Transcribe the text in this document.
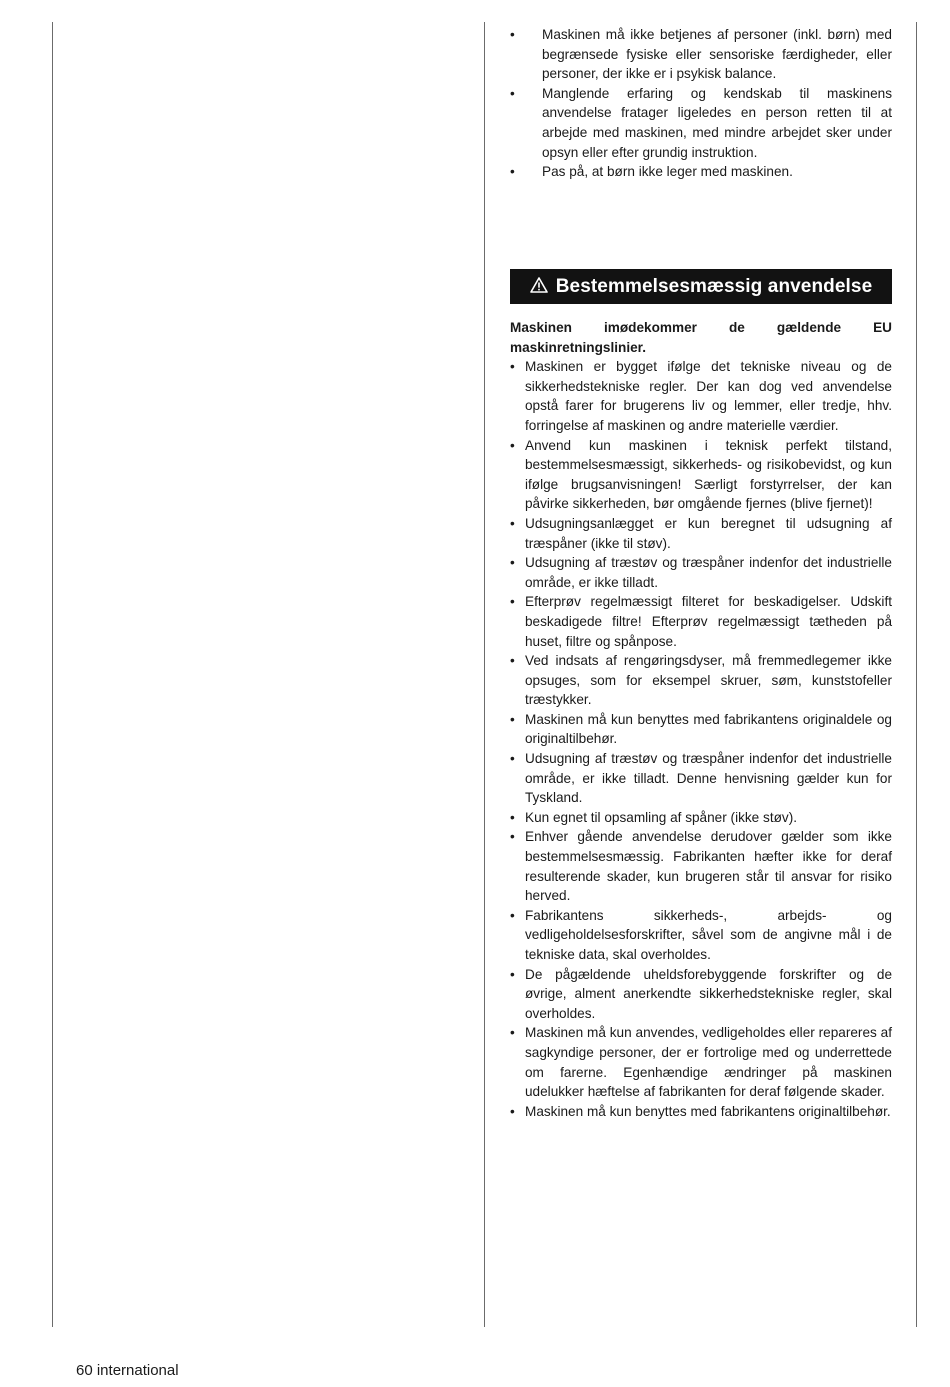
• Maskinen må ikke betjenes af personer (inkl. børn) med begrænsede fysiske eller sensoriske færdigheder, eller personer, der ikke er i psykisk balance.
• Manglende erfaring og kendskab til maskinens anvendelse fratager ligeledes en person retten til at arbejde med maskinen, med mindre arbejdet sker under opsyn eller efter grundig instruktion.
• Pas på, at børn ikke leger med maskinen.
Bestemmelsesmæssig anvendelse

Maskinen imødekommer de gældende EU maskinretningslinier.

• Maskinen er bygget ifølge det tekniske niveau og de sikkerhedstekniske regler. Der kan dog ved anvendelse opstå farer for brugerens liv og lemmer, eller tredje, hhv. forringelse af maskinen og andre materielle værdier.
• Anvend kun maskinen i teknisk perfekt tilstand, bestemmelsesmæssigt, sikkerheds- og risikobevidst, og kun ifølge brugsanvisningen! Særligt forstyrrelser, der kan påvirke sikkerheden, bør omgående fjernes (blive fjernet)!
• Udsugningsanlægget er kun beregnet til udsugning af træspåner (ikke til støv).
• Udsugning af træstøv og træspåner indenfor det industrielle område, er ikke tilladt.
• Efterprøv regelmæssigt filteret for beskadigelser. Udskift beskadigede filtre! Efterprøv regelmæssigt tætheden på huset, filtre og spånpose.
• Ved indsats af rengøringsdyser, må fremmedlegemer ikke opsuges, som for eksempel skruer, søm, kunststofeller træstykker.
• Maskinen må kun benyttes med fabrikantens originaldele og originaltilbehør.
• Udsugning af træstøv og træspåner indenfor det industrielle område, er ikke tilladt. Denne henvisning gælder kun for Tyskland.
• Kun egnet til opsamling af spåner (ikke støv).
• Enhver gående anvendelse derudover gælder som ikke bestemmelsesmæssig. Fabrikanten hæfter ikke for deraf resulterende skader, kun brugeren står til ansvar for risiko herved.
• Fabrikantens sikkerheds-, arbejds- og vedligeholdelsesforskrifter, såvel som de angivne mål i de tekniske data, skal overholdes.
• De pågældende uheldsforebyggende forskrifter og de øvrige, alment anerkendte sikkerhedstekniske regler, skal overholdes.
• Maskinen må kun anvendes, vedligeholdes eller repareres af sagkyndige personer, der er fortrolige med og underrettede om farerne. Egenhændige ændringer på maskinen udelukker hæftelse af fabrikanten for deraf følgende skader.
• Maskinen må kun benyttes med fabrikantens originaltilbehør.
60 international
